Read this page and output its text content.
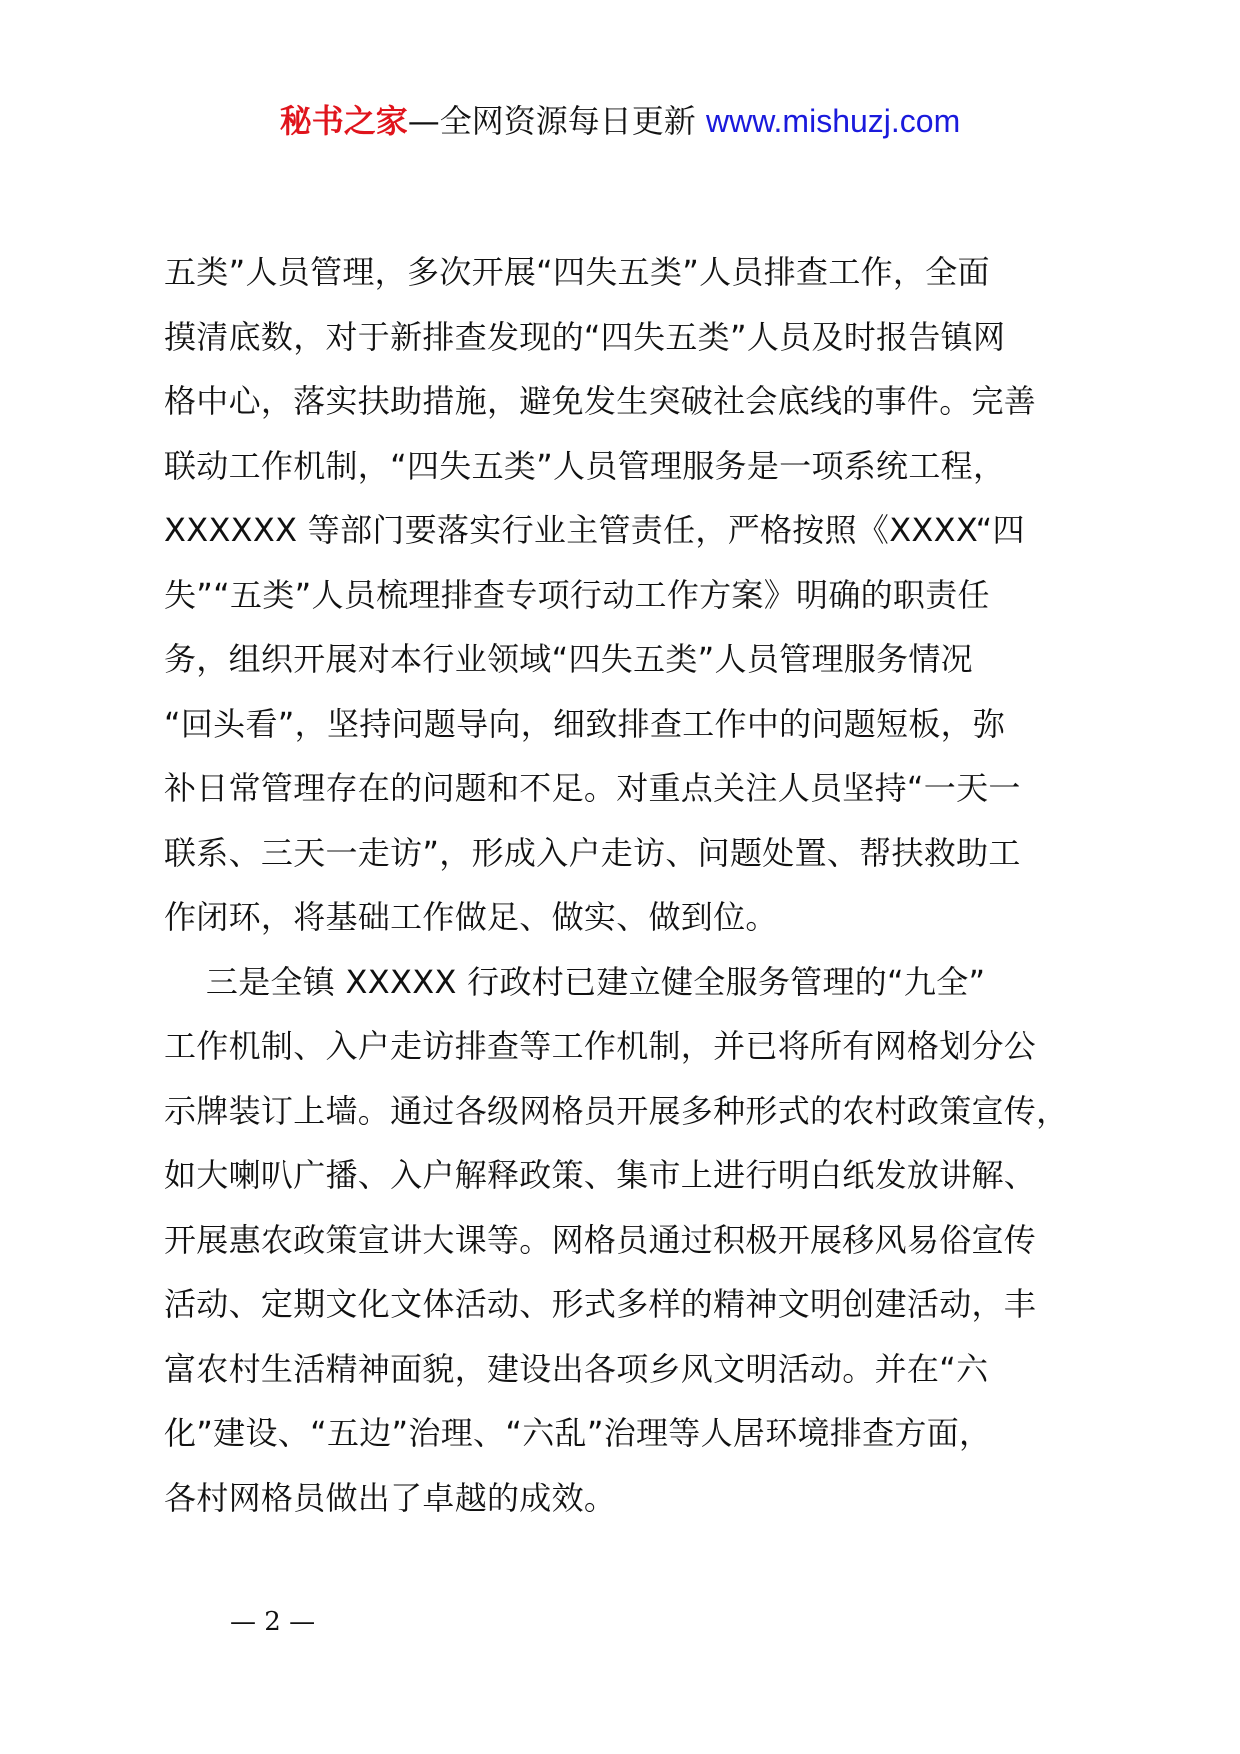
秘书之家—全网资源每日更新 www.mishuzj.com
五类”人员管理，多次开展“四失五类”人员排查工作，全面
摸清底数，对于新排查发现的“四失五类”人员及时报告镇网
格中心，落实扶助措施，避免发生突破社会底线的事件。完善
联动工作机制，“四失五类”人员管理服务是一项系统工程，
XXXXXX 等部门要落实行业主管责任，严格按照《XXXX“四
失”“五类”人员梳理排查专项行动工作方案》明确的职责任
务，组织开展对本行业领域“四失五类”人员管理服务情况
“回头看”，坚持问题导向，细致排查工作中的问题短板，弥
补日常管理存在的问题和不足。对重点关注人员坚持“一天一
联系、三天一走访”，形成入户走访、问题处置、帮扶救助工
作闭环，将基础工作做足、做实、做到位。
三是全镇 XXXXX 行政村已建立健全服务管理的“九全”
工作机制、入户走访排查等工作机制，并已将所有网格划分公
示牌装订上墙。通过各级网格员开展多种形式的农村政策宣传，
如大喇叭广播、入户解释政策、集市上进行明白纸发放讲解、
开展惠农政策宣讲大课等。网格员通过积极开展移风易俗宣传
活动、定期文化文体活动、形式多样的精神文明创建活动，丰
富农村生活精神面貌，建设出各项乡风文明活动。并在“六
化”建设、“五边”治理、“六乱”治理等人居环境排查方面，
各村网格员做出了卓越的成效。
— 2 —
